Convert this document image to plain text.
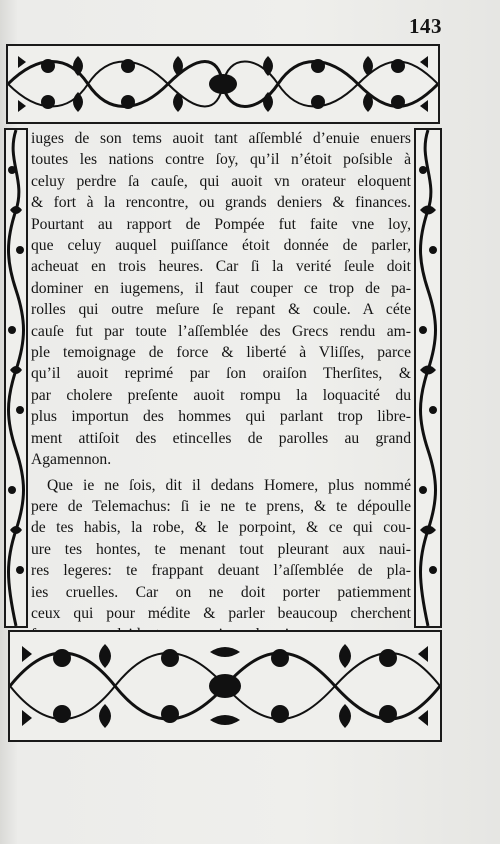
143
iuges de son tems auoit tant aſſemblé d’enuie enuers
toutes les nations contre ſoy, qu’il n’étoit poſsible à
celuy perdre ſa cauſe, qui auoit vn orateur eloquent
& fort à la rencontre, ou grands deniers & finances.
Pourtant au rapport de Pompée fut faite vne loy,
que celuy auquel puiſſance étoit donnée de parler,
acheuat en trois heures. Car ſi la verité ſeule doit
dominer en iugemens, il faut couper ce trop de pa-
rolles qui outre meſure ſe repant & coule. A céte
cauſe fut par toute l’aſſemblée des Grecs rendu am-
ple temoignage de force & liberté à Vliſſes, parce
qu’il auoit reprimé par ſon oraiſon Therſites, &
par cholere preſente auoit rompu la loquacité du
plus importun des hommes qui parlant trop libre-
ment attiſoit des etincelles de parolles au grand
Agamennon.
Que ie ne ſois, dit il dedans Homere, plus nommé
pere de Telemachus: ſi ie ne te prens, & te dépoulle
de tes habis, la robe, & le porpoint, & ce qui cou-
ure tes hontes, te menant tout pleurant aux naui-
res legeres: te frappant deuant l’aſſemblée de pla-
ies cruelles. Car on ne doit porter patiemment
ceux qui pour médite & parler beaucoup cherchent
